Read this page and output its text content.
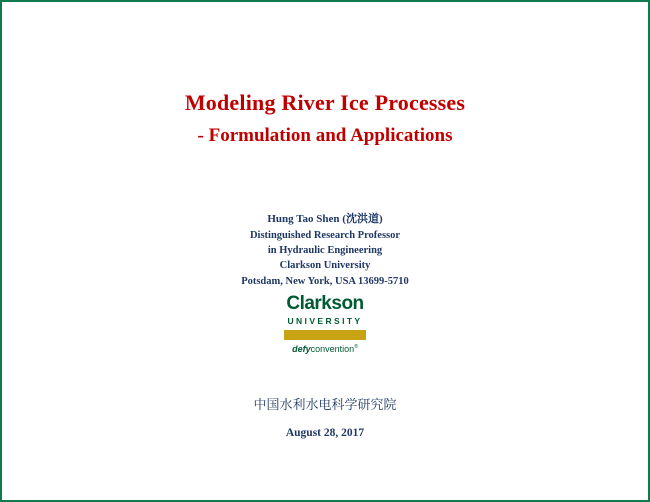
Modeling River Ice Processes
- Formulation and Applications
Hung Tao Shen (沈洪道)
Distinguished Research Professor
in Hydraulic Engineering
Clarkson University
Potsdam, New York, USA 13699-5710
Clarkson
UNIVERSITY
defyconvention®
中国水利水电科学研究院
August 28, 2017
